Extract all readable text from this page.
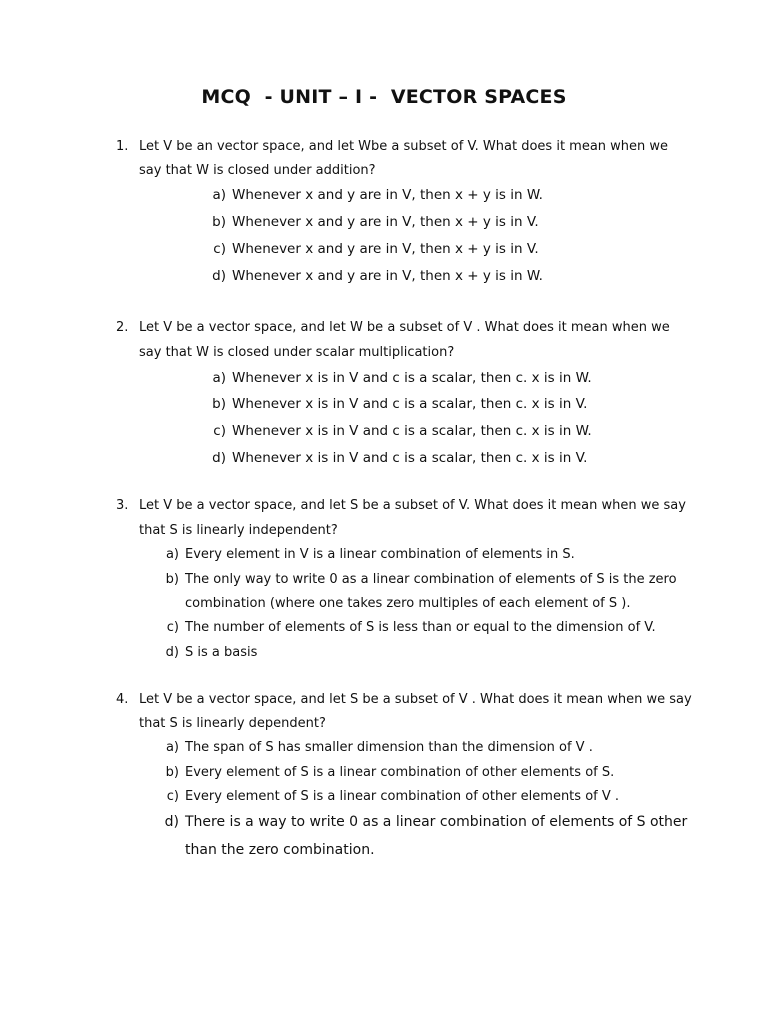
MCQ  - UNIT – I -  VECTOR SPACES
1. Let V be an vector space, and let Wbe a subset of V. What does it mean when we
say that W is closed under addition?
a) Whenever x and y are in V, then x + y is in W.
b) Whenever x and y are in V, then x + y is in V.
c) Whenever x and y are in V, then x + y is in V.
d) Whenever x and y are in V, then x + y is in W.
2. Let V be a vector space, and let W be a subset of V . What does it mean when we
say that W is closed under scalar multiplication?
a) Whenever x is in V and c is a scalar, then c. x is in W.
b) Whenever x is in V and c is a scalar, then c. x is in V.
c) Whenever x is in V and c is a scalar, then c. x is in W.
d) Whenever x is in V and c is a scalar, then c. x is in V.
3. Let V be a vector space, and let S be a subset of V. What does it mean when we say
that S is linearly independent?
a) Every element in V is a linear combination of elements in S.
b) The only way to write 0 as a linear combination of elements of S is the zero
combination (where one takes zero multiples of each element of S ).
c) The number of elements of S is less than or equal to the dimension of V.
d) S is a basis
4. Let V be a vector space, and let S be a subset of V . What does it mean when we say
that S is linearly dependent?
a) The span of S has smaller dimension than the dimension of V .
b) Every element of S is a linear combination of other elements of S.
c) Every element of S is a linear combination of other elements of V .
d) There is a way to write 0 as a linear combination of elements of S other
than the zero combination.
